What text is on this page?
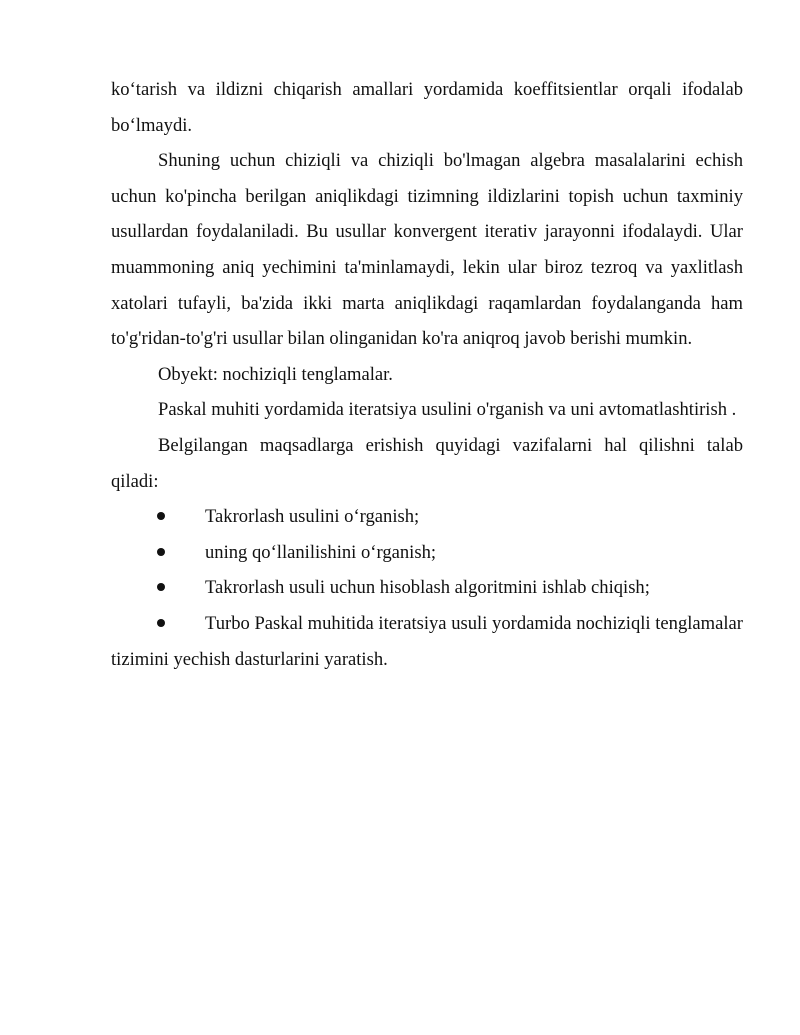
ko‘tarish va ildizni chiqarish amallari yordamida koeffitsientlar orqali ifodalab bo‘lmaydi.

Shuning uchun chiziqli va chiziqli bo'lmagan algebra masalalarini echish uchun ko'pincha berilgan aniqlikdagi tizimning ildizlarini topish uchun taxminiy usullardan foydalaniladi. Bu usullar konvergent iterativ jarayonni ifodalaydi. Ular muammoning aniq yechimini ta'minlamaydi, lekin ular biroz tezroq va yaxlitlash xatolari tufayli, ba'zida ikki marta aniqlikdagi raqamlardan foydalanganda ham to'g'ridan-to'g'ri usullar bilan olinganidan ko'ra aniqroq javob berishi mumkin.

Obyekt: nochiziqli tenglamalar.

Paskal muhiti yordamida iteratsiya usulini o'rganish va uni avtomatlashtirish .

Belgilangan maqsadlarga erishish quyidagi vazifalarni hal qilishni talab qiladi:

Takrorlash usulini o‘rganish;
uning qo‘llanilishini o‘rganish;
Takrorlash usuli uchun hisoblash algoritmini ishlab chiqish;
Turbo Paskal muhitida iteratsiya usuli yordamida nochiziqli tenglamalar tizimini yechish dasturlarini yaratish.
